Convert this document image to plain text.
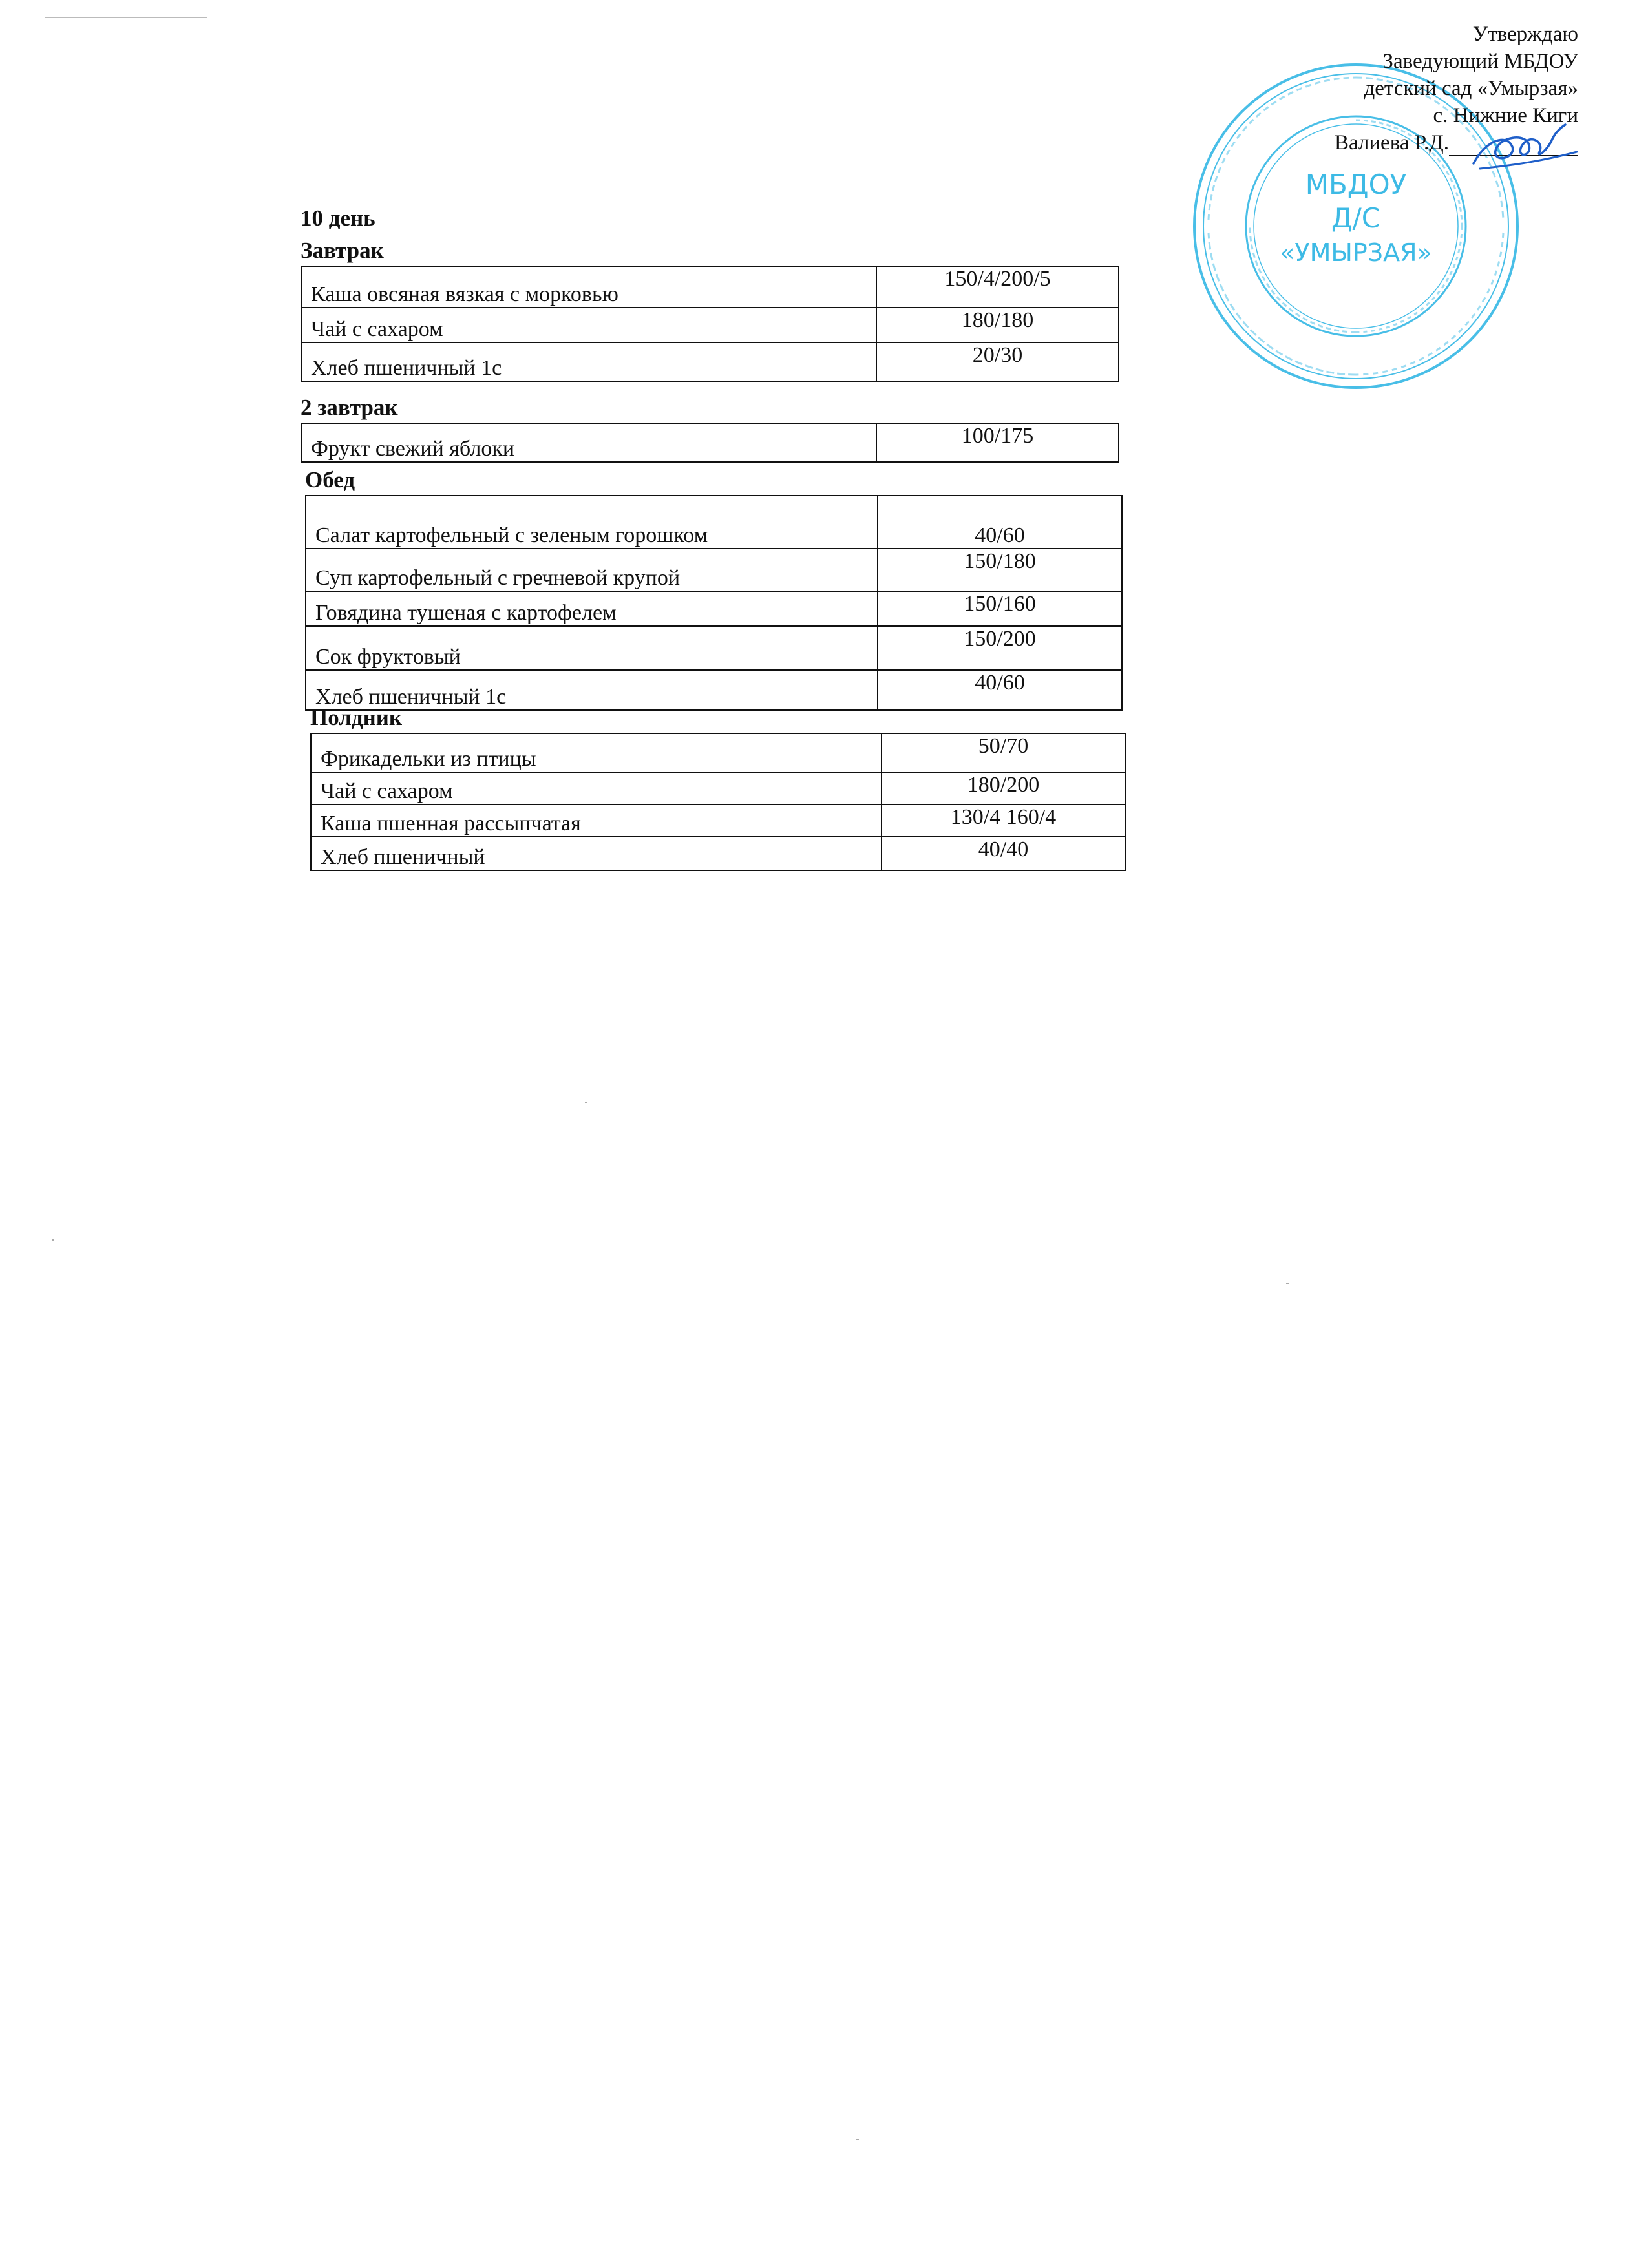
МБДОУ
Д/С
«УМЫРЗАЯ»
Утверждаю
Заведующий МБДОУ
детский сад «Умырзая»
с. Нижние Киги
Валиева Р.Д.
10 день
Завтрак
Каша овсяная вязкая с морковью	150/4/200/5
Чай с сахаром	180/180
Хлеб пшеничный 1с	20/30
2 завтрак
Фрукт свежий яблоки	100/175
Обед
Салат картофельный с зеленым горошком	40/60
Суп картофельный с гречневой крупой	150/180
Говядина тушеная с картофелем	150/160
Сок фруктовый	150/200
Хлеб пшеничный 1с	40/60
Полдник
Фрикадельки из птицы	50/70
Чай с сахаром	180/200
Каша пшенная рассыпчатая	130/4 160/4
Хлеб пшеничный	40/40
